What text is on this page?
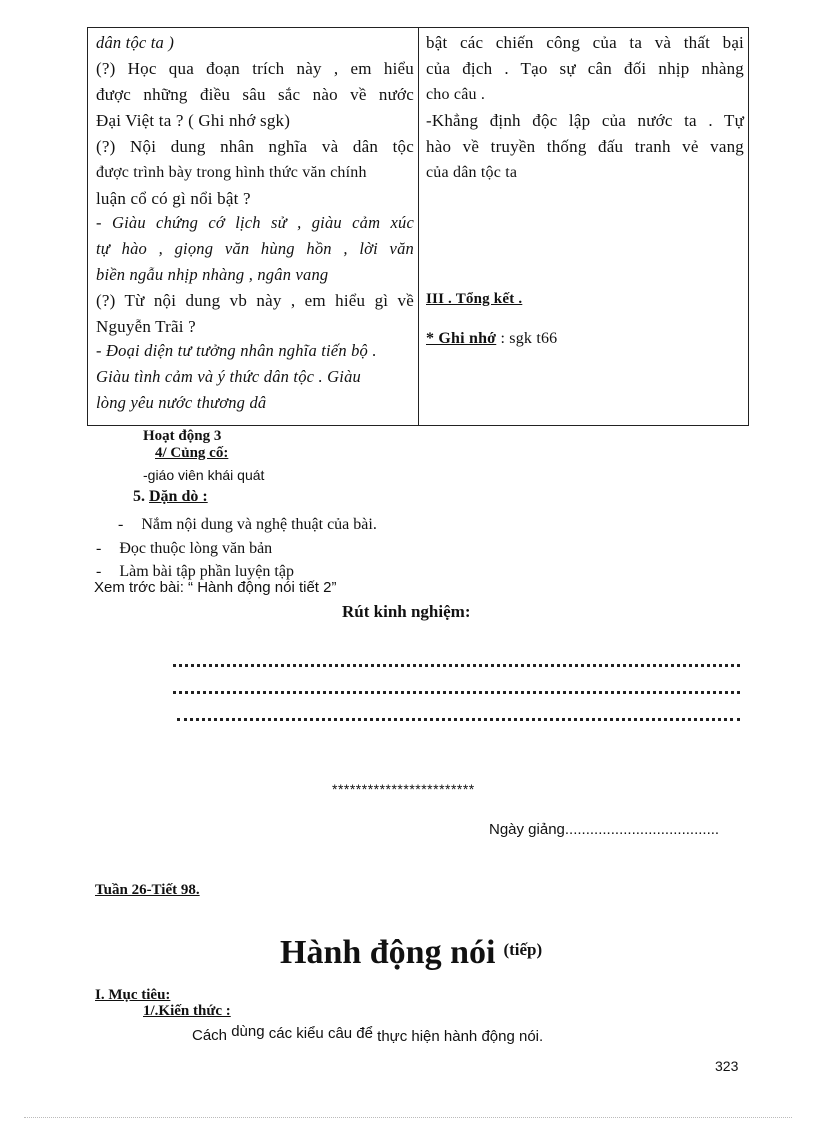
dân tộc ta )
(?) Học qua đoạn trích này , em hiểu
được những điều sâu sắc nào về nước
Đại Việt ta ? ( Ghi nhớ sgk)
(?) Nội dung nhân nghĩa và dân tộc
được trình bày trong hình thức văn chính
luận cổ có gì nổi bật ?
- Giàu chứng cớ lịch sử , giàu cảm xúc
tự hào , giọng văn hùng hồn , lời văn
biền ngẫu nhịp nhàng , ngân vang
(?) Từ nội dung vb này , em hiểu gì về
Nguyễn Trãi ?
- Đoại diện tư tưởng nhân nghĩa tiến bộ .
Giàu tình cảm và ý thức dân tộc . Giàu
lòng yêu nước thương dâ
bật các chiến công của ta và thất bại
của địch . Tạo sự cân đối nhịp nhàng
cho câu .
-Khẳng định độc lập của nước ta . Tự
hào về truyền thống đấu tranh vẻ vang
của dân tộc ta
III . Tổng kết .
* Ghi nhớ : sgk t66
Hoạt động 3
4/ Củng cố:
-giáo viên khái quát
5. Dặn dò :
- Nắm nội dung và nghệ thuật của bài.
- Đọc thuộc lòng văn bản
- Làm bài tập phần luyện tập
Xem trớc bài: “ Hành động nói tiết 2”
Rút kinh nghiệm:
************************
Ngày giảng.....................................
Tuần 26-Tiết 98.
Hành động nói (tiếp)
I. Mục tiêu:
1/.Kiến thức :
Cách dùng các kiểu câu để thực hiện hành động nói.
323
